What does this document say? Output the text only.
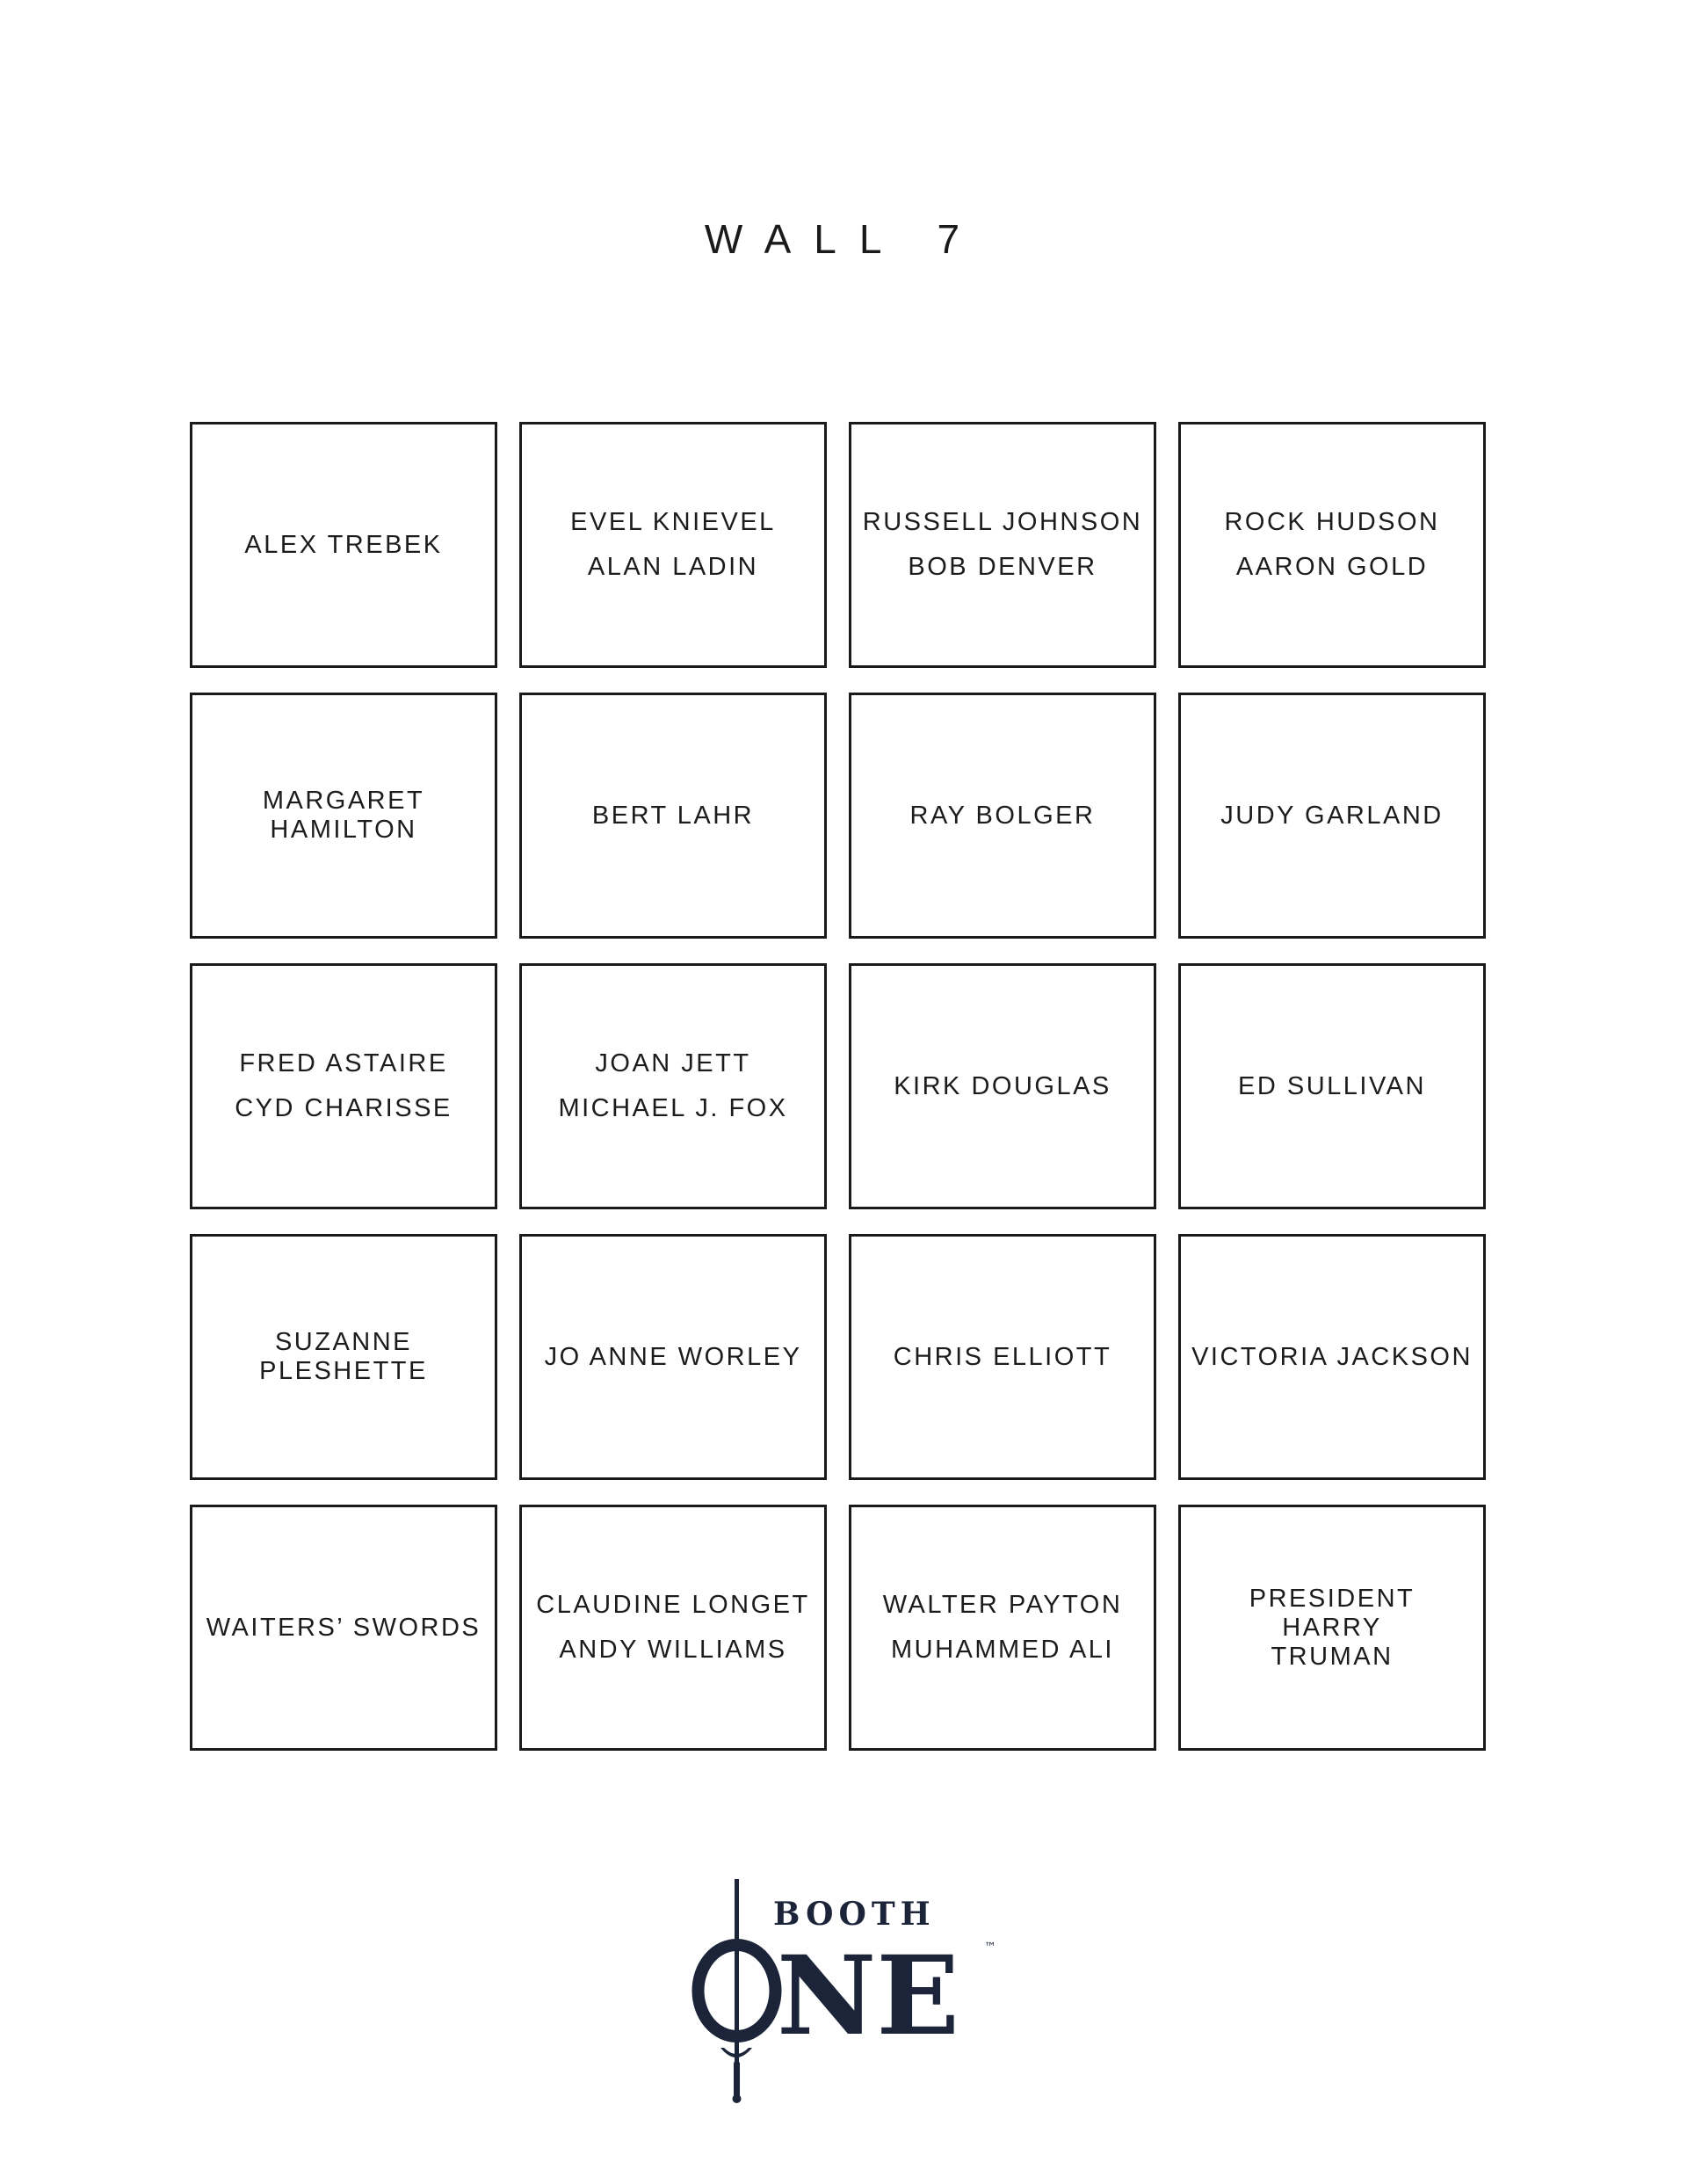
WALL 7
ALEX TREBEK
EVEL KNIEVEL
ALAN LADIN
RUSSELL JOHNSON
BOB DENVER
ROCK HUDSON
AARON GOLD
MARGARET HAMILTON
BERT LAHR	RAY BOLGER	JUDY GARLAND
FRED ASTAIRE
CYD CHARISSE
JOAN JETT
MICHAEL J. FOX
KIRK DOUGLAS	ED SULLIVAN
SUZANNE PLESHETTE
JO ANNE WORLEY	CHRIS ELLIOTT	VICTORIA JACKSON
WAITERS’ SWORDS
CLAUDINE LONGET
ANDY WILLIAMS
WALTER PAYTON
MUHAMMED ALI
PRESIDENT HARRY TRUMAN
BOOTH
NE ™
